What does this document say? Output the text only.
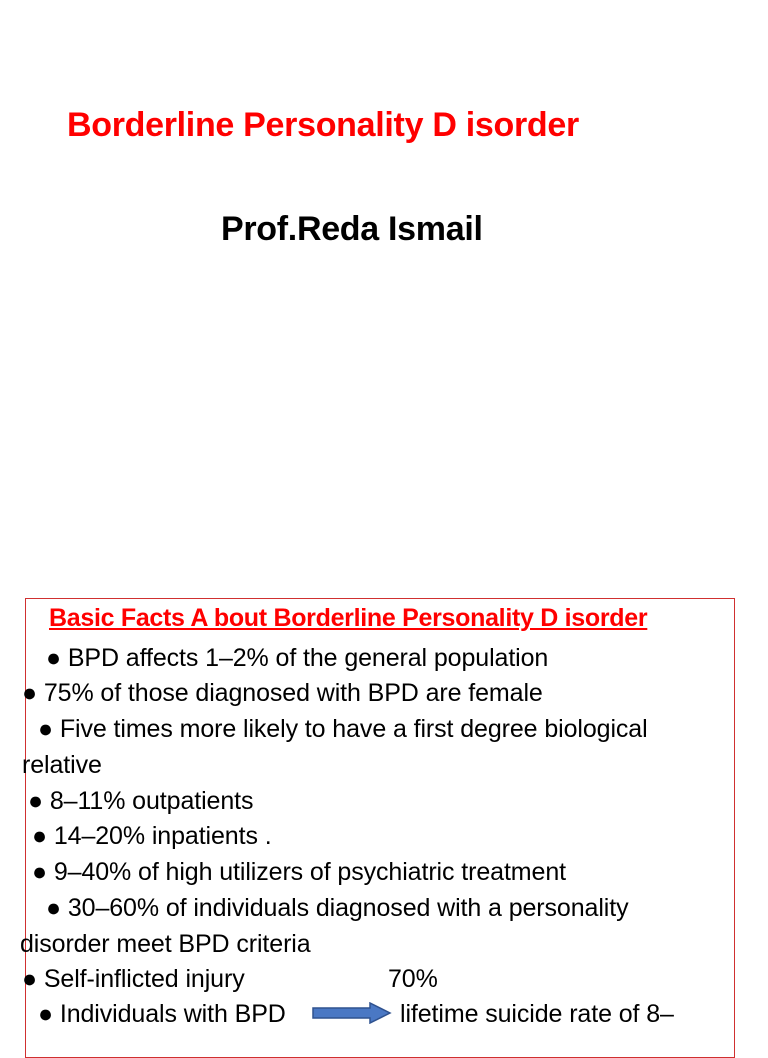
Borderline Personality D isorder
Prof.Reda Ismail
Basic Facts A bout Borderline Personality D isorder
● BPD affects 1–2% of the general population
● 75% of those diagnosed with BPD are female
● Five times more likely to have a first degree biological
relative
● 8–11% outpatients
● 14–20% inpatients .
● 9–40% of high utilizers of psychiatric treatment
● 30–60% of individuals diagnosed with a personality
disorder meet BPD criteria
● Self-inflicted injury	70%
● Individuals with BPD	lifetime suicide rate of 8–
